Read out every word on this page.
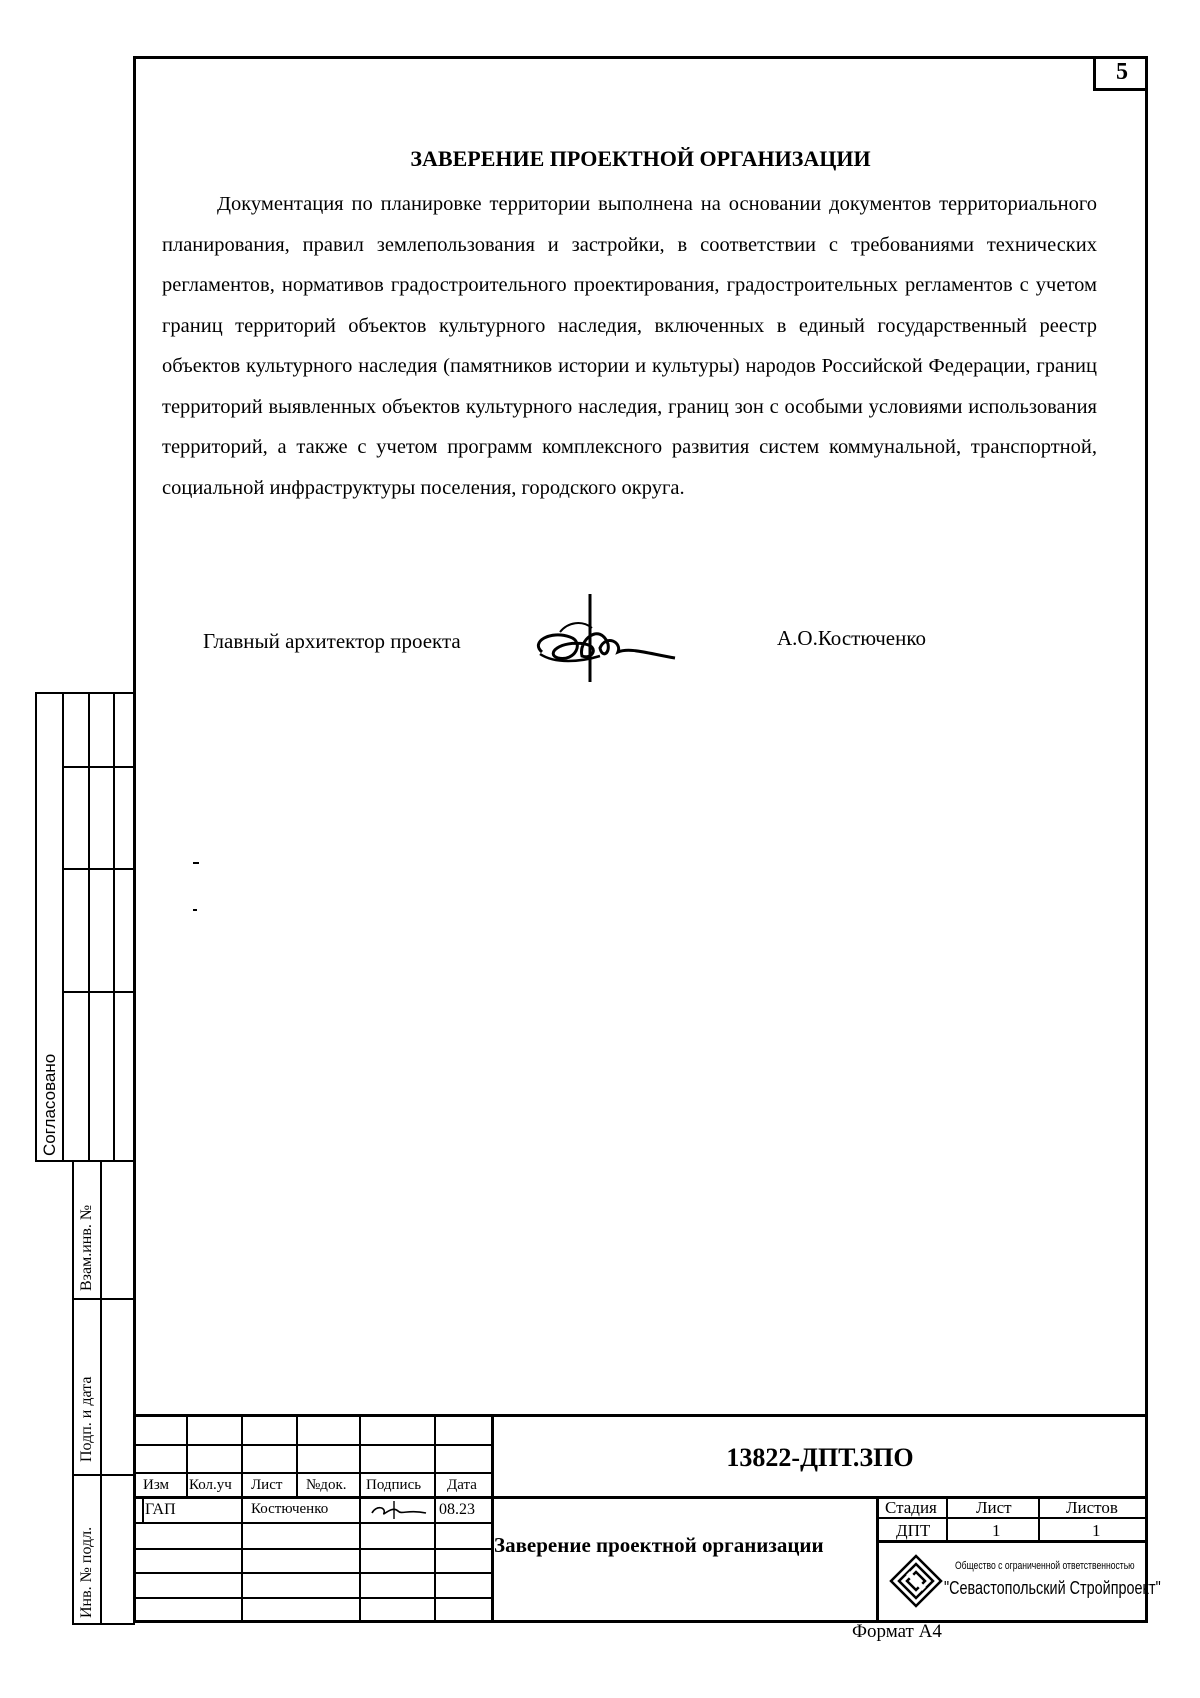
5
ЗАВЕРЕНИЕ ПРОЕКТНОЙ ОРГАНИЗАЦИИ

Документация по планировке территории выполнена на основании документов территориального планирования, правил землепользования и застройки, в соответствии с требованиями технических регламентов, нормативов градостроительного проектирования, градостроительных регламентов с учетом границ территорий объектов культурного наследия, включенных в единый государственный реестр объектов культурного наследия (памятников истории и культуры) народов Российской Федерации, границ территорий выявленных объектов культурного наследия, границ зон с особыми условиями использования территорий, а также с учетом программ комплексного развития систем коммунальной, транспортной, социальной инфраструктуры поселения, городского округа.

Главный архитектор проекта	А.О.Костюченко
Согласовано
Взам.инв. №
Подп. и дата
Инв. № подл.
Изм Кол.уч Лист №док. Подпись Дата
ГАП	Костюченко	08.23
13822-ДПТ.ЗПО
Заверение проектной организации
Стадия Лист	Листов
ДПТ	1	1
Общество с ограниченной ответственностью
"Севастопольский Стройпроект"
Формат А4
